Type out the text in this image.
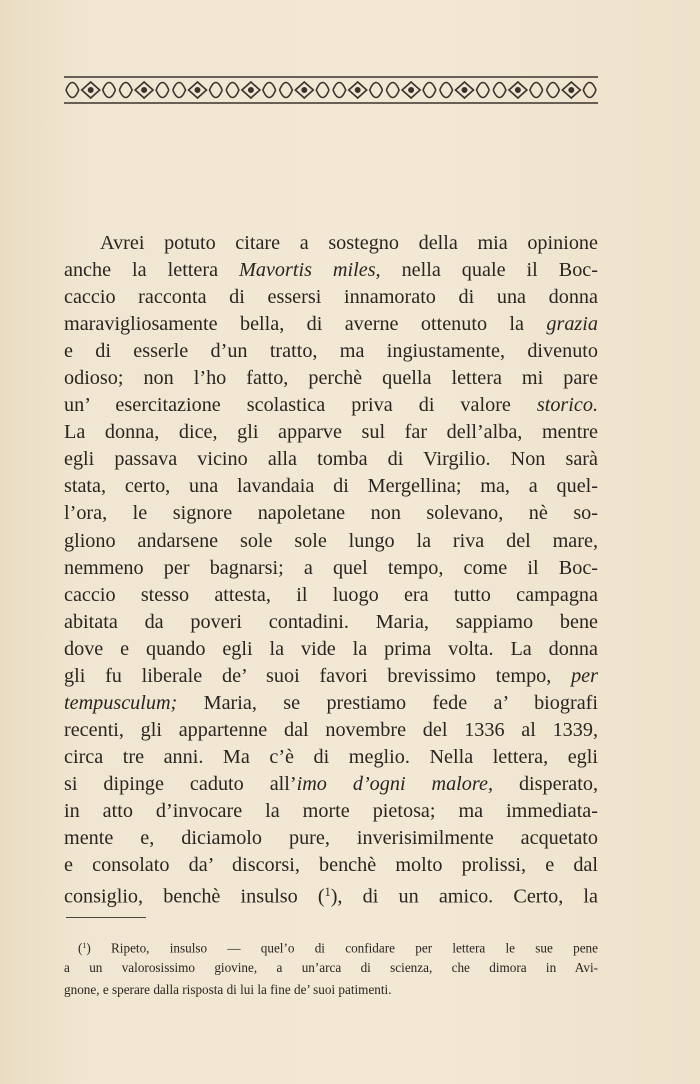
Avrei potuto citare a sostegno della mia opinione
anche la lettera Mavortis miles, nella quale il Boc-
caccio racconta di essersi innamorato di una donna
maravigliosamente bella, di averne ottenuto la grazia
e di esserle d’un tratto, ma ingiustamente, divenuto
odioso; non l’ho fatto, perchè quella lettera mi pare
un’ esercitazione scolastica priva di valore storico.
La donna, dice, gli apparve sul far dell’alba, mentre
egli passava vicino alla tomba di Virgilio. Non sarà
stata, certo, una lavandaia di Mergellina; ma, a quel-
l’ora, le signore napoletane non solevano, nè so-
gliono andarsene sole sole lungo la riva del mare,
nemmeno per bagnarsi; a quel tempo, come il Boc-
caccio stesso attesta, il luogo era tutto campagna
abitata da poveri contadini. Maria, sappiamo bene
dove e quando egli la vide la prima volta. La donna
gli fu liberale de’ suoi favori brevissimo tempo, per
tempusculum; Maria, se prestiamo fede a’ biografi
recenti, gli appartenne dal novembre del 1336 al 1339,
circa tre anni. Ma c’è di meglio. Nella lettera, egli
si dipinge caduto all’imo d’ogni malore, disperato,
in atto d’invocare la morte pietosa; ma immediata-
mente e, diciamolo pure, inverisimilmente acquetato
e consolato da’ discorsi, benchè molto prolissi, e dal
consiglio, benchè insulso ($^1$), di un amico. Certo, la
($^1$) Ripeto, insulso — quel’o di confidare per lettera le sue pene
a un valorosissimo giovine, a un’arca di scienza, che dimora in Avi-
gnone, e sperare dalla risposta di lui la fine de’ suoi patimenti.
